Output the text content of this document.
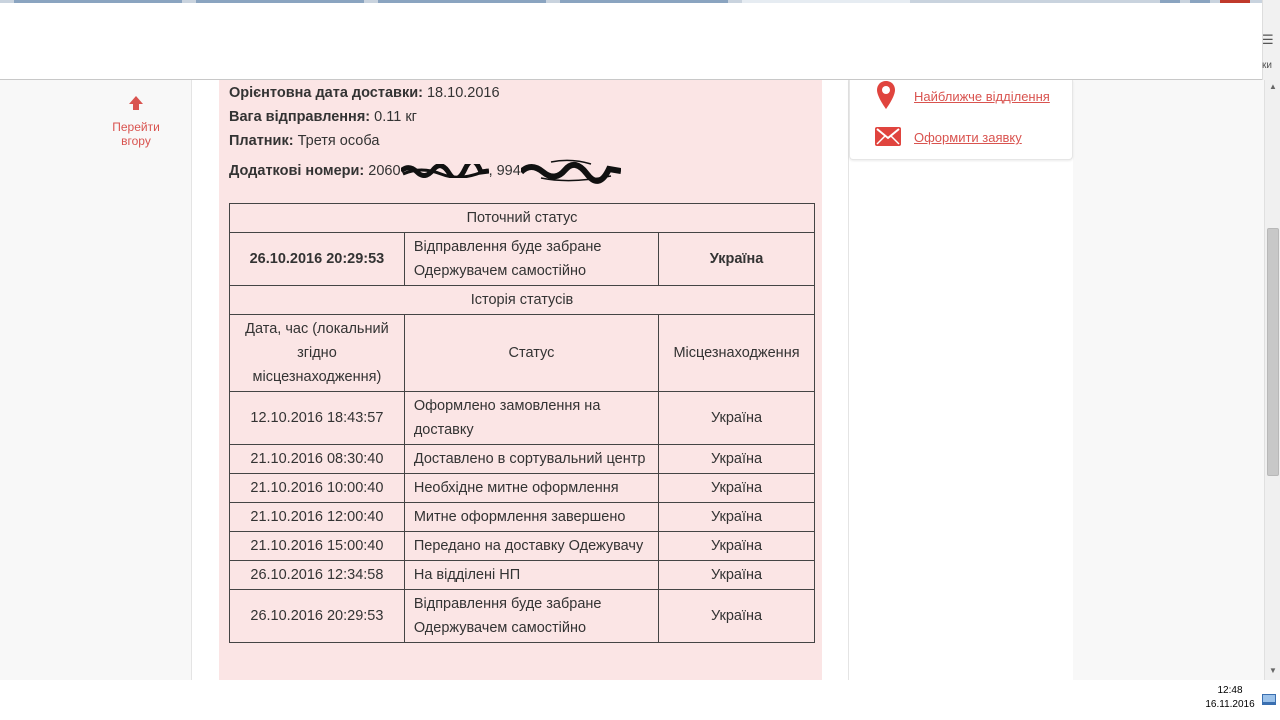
☰
ки
Перейти вгору
Орієнтовна дата доставки: 18.10.2016
Вага відправлення: 0.11 кг
Платник: Третя особа
Додаткові номери: 2060	, 994
Поточний статус		
26.10.2016 20:29:53	Відправлення буде забране Одержувачем самостійно	Україна
Історія статусів		
Дата, час (локальний згідно місцезнаходження)	Статус	Місцезнаходження
12.10.2016 18:43:57	Оформлено замовлення на доставку	Україна
21.10.2016 08:30:40	Доставлено в сортувальний центр	Україна
21.10.2016 10:00:40	Необхідне митне оформлення	Україна
21.10.2016 12:00:40	Митне оформлення завершено	Україна
21.10.2016 15:00:40	Передано на доставку Одежувачу	Україна
26.10.2016 12:34:58	На відділені НП	Україна
26.10.2016 20:29:53	Відправлення буде забране Одержувачем самостійно	Україна
Найближче відділення
Оформити заявку
▲
▼
12:48
16.11.2016
